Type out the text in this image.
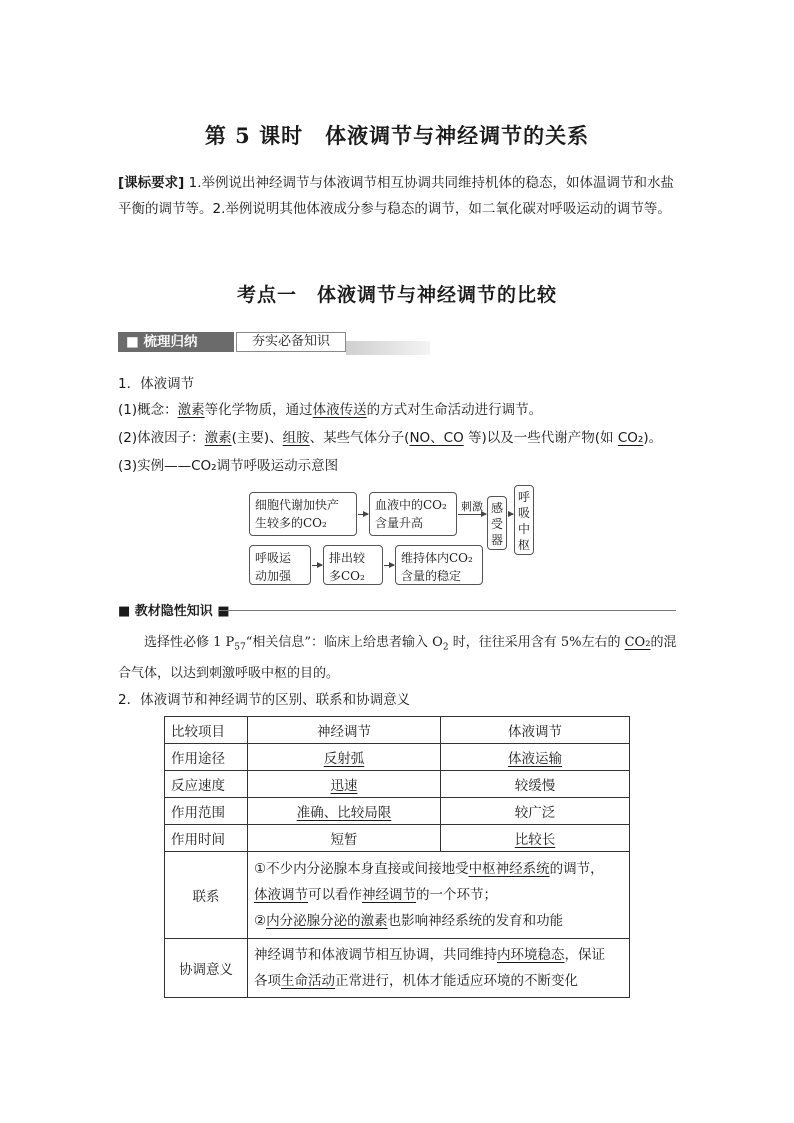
第 5 课时　体液调节与神经调节的关系
[课标要求] 1.举例说出神经调节与体液调节相互协调共同维持机体的稳态，如体温调节和水盐平衡的调节等。2.举例说明其他体液成分参与稳态的调节，如二氧化碳对呼吸运动的调节等。
考点一　体液调节与神经调节的比较
■ 梳理归纳	夯实必备知识
1．体液调节
(1)概念：激素等化学物质，通过体液传送的方式对生命活动进行调节。
(2)体液因子：激素(主要)、组胺、某些气体分子(NO、CO 等)以及一些代谢产物(如 CO₂)。
(3)实例——CO₂调节呼吸运动示意图
细胞代谢加快产
生较多的CO₂
血液中的CO₂
含量升高
刺激 感
受
器
呼
吸
中
枢
呼吸运
动加强
排出较
多CO₂
维持体内CO₂
含量的稳定
■ 教材隐性知识 ■
选择性必修 1 $P_{57}“$相关信息”：临床上给患者输入 $O_2$ 时，往往采用含有 5%左右的 CO₂的混合气体，以达到刺激呼吸中枢的目的。
2．体液调节和神经调节的区别、联系和协调意义
比较项目	神经调节	体液调节
作用途径	反射弧	体液运输
反应速度	迅速	较缓慢
作用范围	准确、比较局限	较广泛
作用时间	短暂	比较长
联系	①不少内分泌腺本身直接或间接地受中枢神经系统的调节，
体液调节可以看作神经调节的一个环节；
②内分泌腺分泌的激素也影响神经系统的发育和功能	

协调意义	神经调节和体液调节相互协调，共同维持内环境稳态，保证
各项生命活动正常进行，机体才能适应环境的不断变化	
